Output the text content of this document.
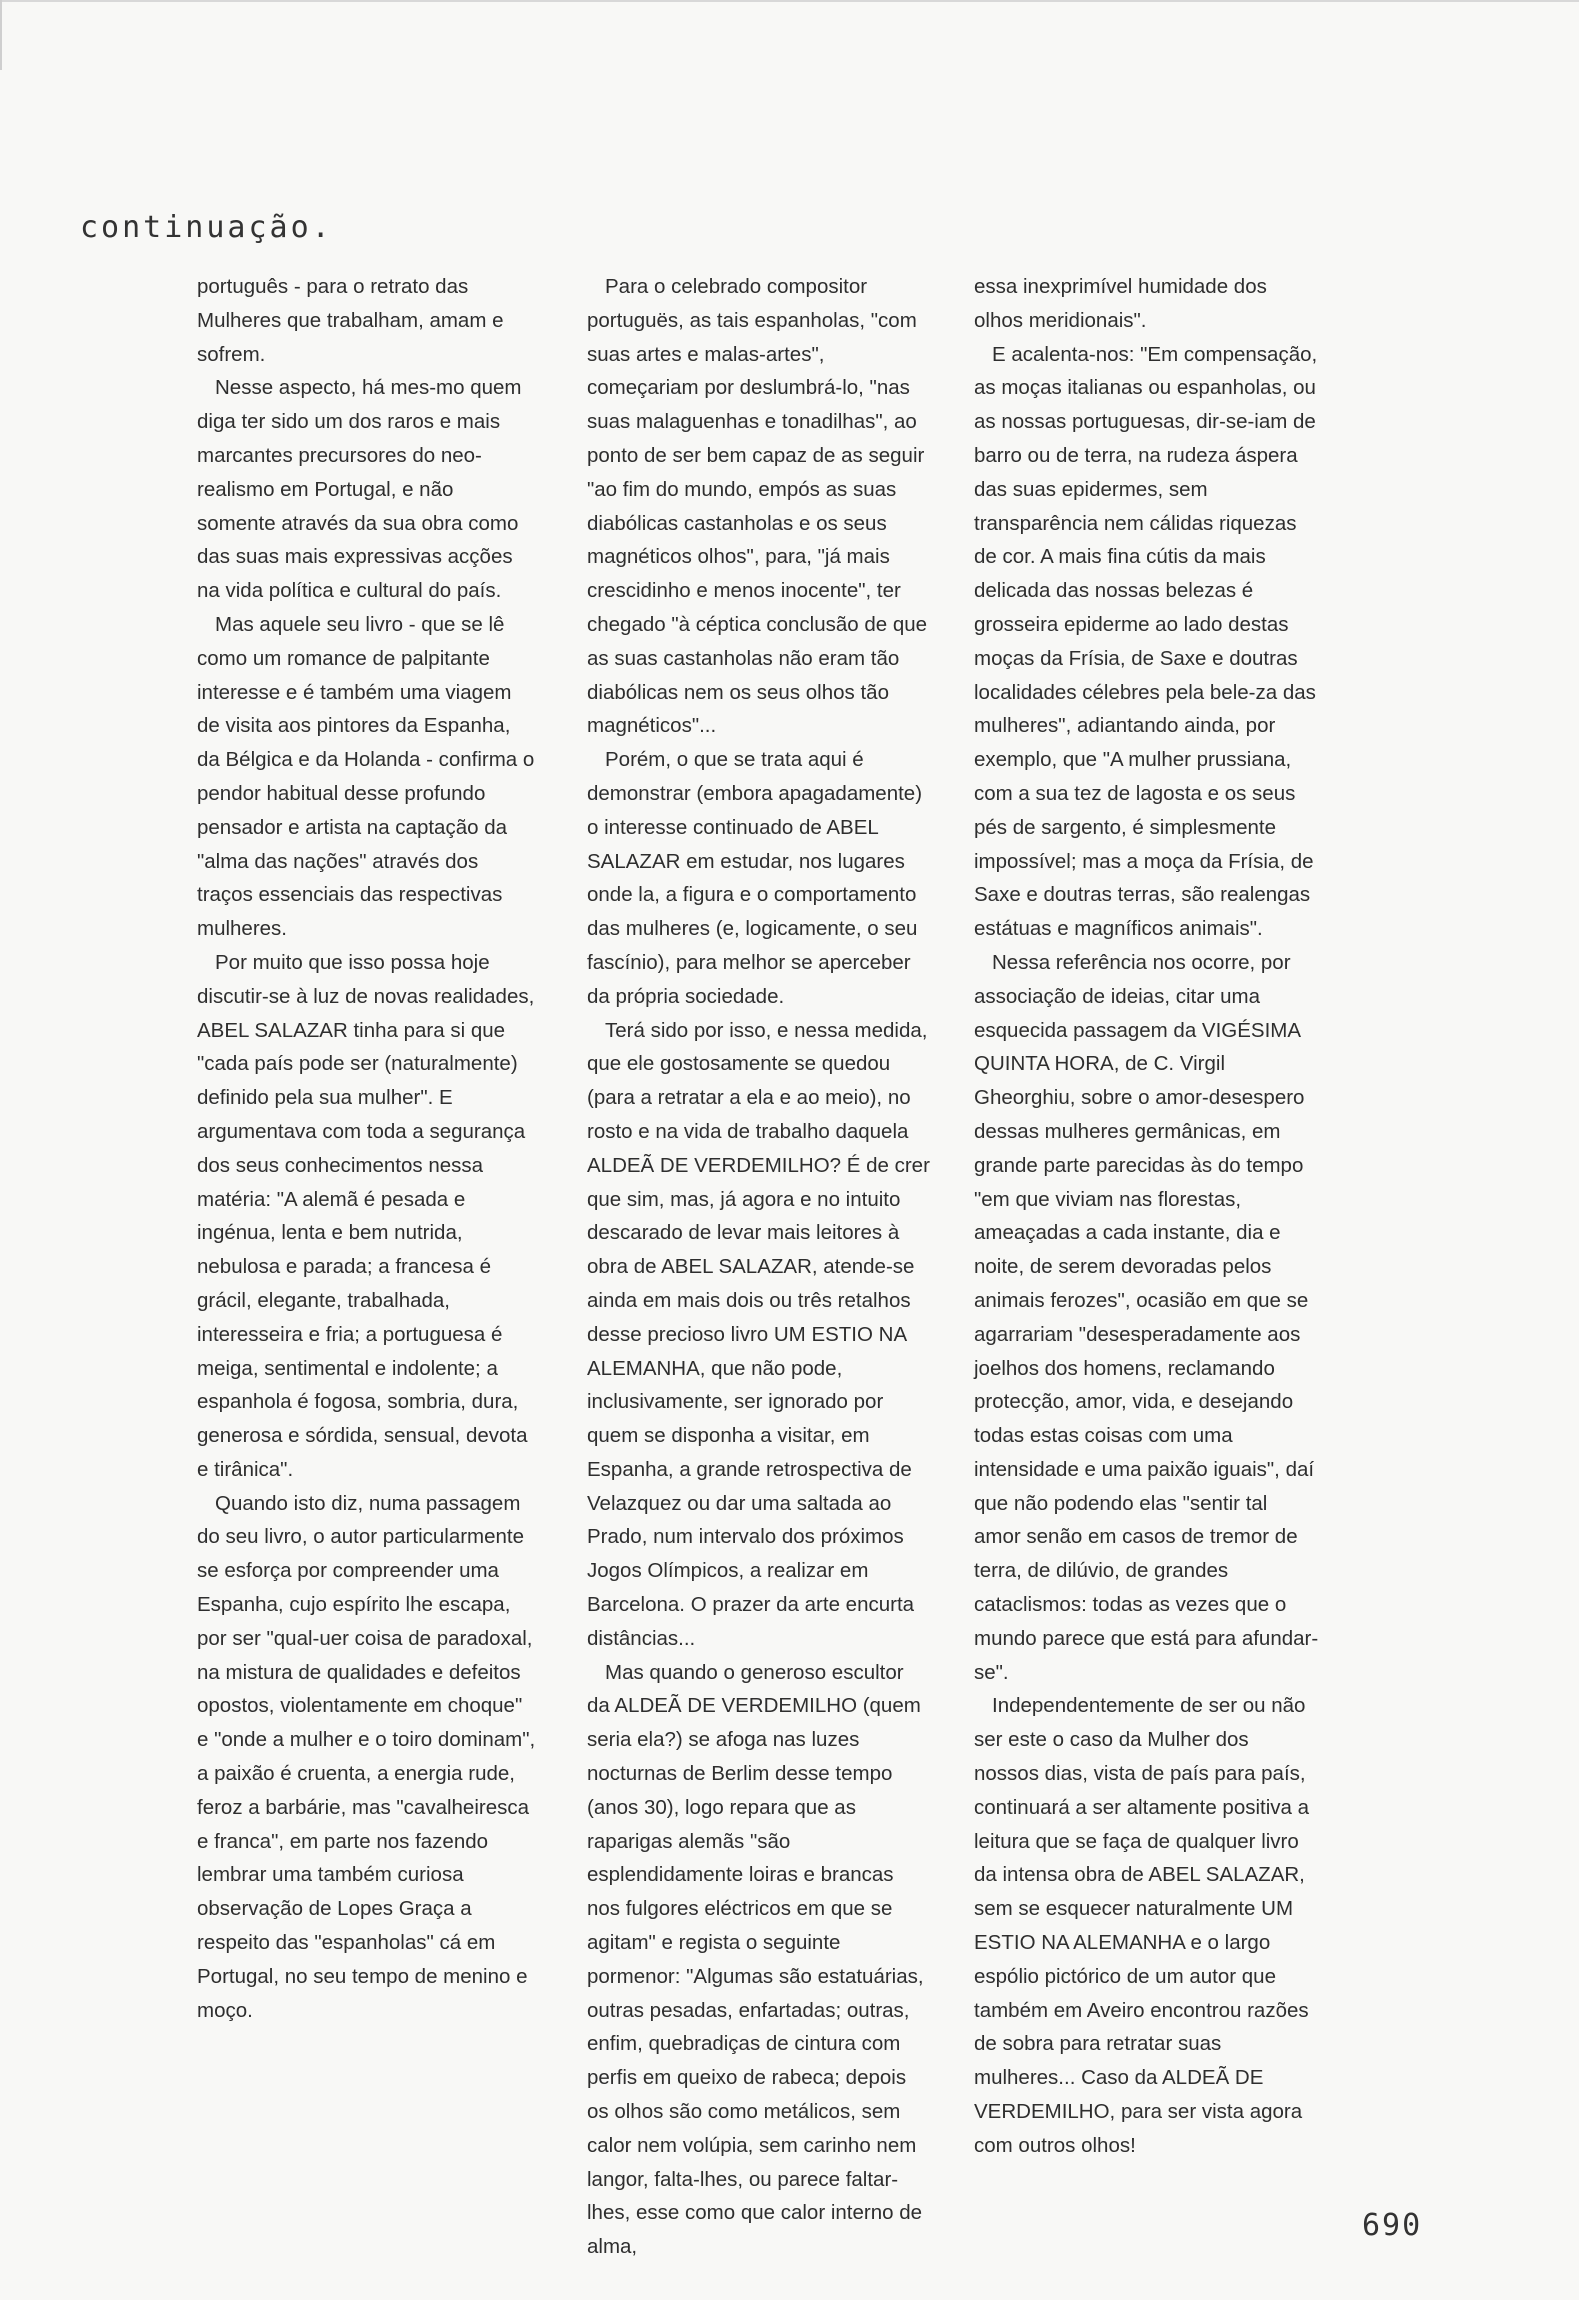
continuação.

português - para o retrato das Mulheres que trabalham, amam e sofrem.

Nesse aspecto, há mes-mo quem diga ter sido um dos raros e mais marcantes precursores do neo-realismo em Portugal, e não somente através da sua obra como das suas mais expressivas acções na vida política e cultural do país.

Mas aquele seu livro - que se lê como um romance de palpitante interesse e é também uma viagem de visita aos pintores da Espanha, da Bélgica e da Holanda - confirma o pendor habitual desse profundo pensador e artista na captação da "alma das nações" através dos traços essenciais das respectivas mulheres.

Por muito que isso possa hoje discutir-se à luz de novas realidades, ABEL SALAZAR tinha para si que "cada país pode ser (naturalmente) definido pela sua mulher". E argumentava com toda a segurança dos seus conhecimentos nessa matéria: "A alemã é pesada e ingénua, lenta e bem nutrida, nebulosa e parada; a francesa é grácil, elegante, trabalhada, interesseira e fria; a portuguesa é meiga, sentimental e indolente; a espanhola é fogosa, sombria, dura, generosa e sórdida, sensual, devota e tirânica".

Quando isto diz, numa passagem do seu livro, o autor particularmente se esforça por compreender uma Espanha, cujo espírito lhe escapa, por ser "qual-uer coisa de paradoxal, na mistura de qualidades e defeitos opostos, violentamente em choque" e "onde a mulher e o toiro dominam", a paixão é cruenta, a energia rude, feroz a barbárie, mas "cavalheiresca e franca", em parte nos fazendo lembrar uma também curiosa observação de Lopes Graça a respeito das "espanholas" cá em Portugal, no seu tempo de menino e moço.

Para o celebrado compositor portuguës, as tais espanholas, "com suas artes e malas-artes", começariam por deslumbrá-lo, "nas suas malaguenhas e tonadilhas", ao ponto de ser bem capaz de as seguir "ao fim do mundo, empós as suas diabólicas castanholas e os seus magnéticos olhos", para, "já mais crescidinho e menos inocente", ter chegado "à céptica conclusão de que as suas castanholas não eram tão diabólicas nem os seus olhos tão magnéticos"...

Porém, o que se trata aqui é demonstrar (embora apagadamente) o interesse continuado de ABEL SALAZAR em estudar, nos lugares onde la, a figura e o comportamento das mulheres (e, logicamente, o seu fascínio), para melhor se aperceber da própria sociedade.

Terá sido por isso, e nessa medida, que ele gostosamente se quedou (para a retratar a ela e ao meio), no rosto e na vida de trabalho daquela ALDEÃ DE VERDEMILHO? É de crer que sim, mas, já agora e no intuito descarado de levar mais leitores à obra de ABEL SALAZAR, atende-se ainda em mais dois ou três retalhos desse precioso livro UM ESTIO NA ALEMANHA, que não pode, inclusivamente, ser ignorado por quem se disponha a visitar, em Espanha, a grande retrospectiva de Velazquez ou dar uma saltada ao Prado, num intervalo dos próximos Jogos Olímpicos, a realizar em Barcelona. O prazer da arte encurta distâncias...

Mas quando o generoso escultor da ALDEÃ DE VERDEMILHO (quem seria ela?) se afoga nas luzes nocturnas de Berlim desse tempo (anos 30), logo repara que as raparigas alemãs "são esplendidamente loiras e brancas nos fulgores eléctricos em que se agitam" e regista o seguinte pormenor: "Algumas são estatuárias, outras pesadas, enfartadas; outras, enfim, quebradiças de cintura com perfis em queixo de rabeca; depois os olhos são como metálicos, sem calor nem volúpia, sem carinho nem langor, falta-lhes, ou parece faltar-lhes, esse como que calor interno de alma,

essa inexprimível humidade dos olhos meridionais".

E acalenta-nos: "Em compensação, as moças italianas ou espanholas, ou as nossas portuguesas, dir-se-iam de barro ou de terra, na rudeza áspera das suas epidermes, sem transparência nem cálidas riquezas de cor. A mais fina cútis da mais delicada das nossas belezas é grosseira epiderme ao lado destas moças da Frísia, de Saxe e doutras localidades célebres pela bele-za das mulheres", adiantando ainda, por exemplo, que "A mulher prussiana, com a sua tez de lagosta e os seus pés de sargento, é simplesmente impossível; mas a moça da Frísia, de Saxe e doutras terras, são realengas estátuas e magníficos animais".

Nessa referência nos ocorre, por associação de ideias, citar uma esquecida passagem da VIGÉSIMA QUINTA HORA, de C. Virgil Gheorghiu, sobre o amor-desespero dessas mulheres germânicas, em grande parte parecidas às do tempo "em que viviam nas florestas, ameaçadas a cada instante, dia e noite, de serem devoradas pelos animais ferozes", ocasião em que se agarrariam "desesperadamente aos joelhos dos homens, reclamando protecção, amor, vida, e desejando todas estas coisas com uma intensidade e uma paixão iguais", daí que não podendo elas "sentir tal amor senão em casos de tremor de terra, de dilúvio, de grandes cataclismos: todas as vezes que o mundo parece que está para afundar-se".

Independentemente de ser ou não ser este o caso da Mulher dos nossos dias, vista de país para país, continuará a ser altamente positiva a leitura que se faça de qualquer livro da intensa obra de ABEL SALAZAR, sem se esquecer naturalmente UM ESTIO NA ALEMANHA e o largo espólio pictórico de um autor que também em Aveiro encontrou razões de sobra para retratar suas mulheres... Caso da ALDEÃ DE VERDEMILHO, para ser vista agora com outros olhos!

690
